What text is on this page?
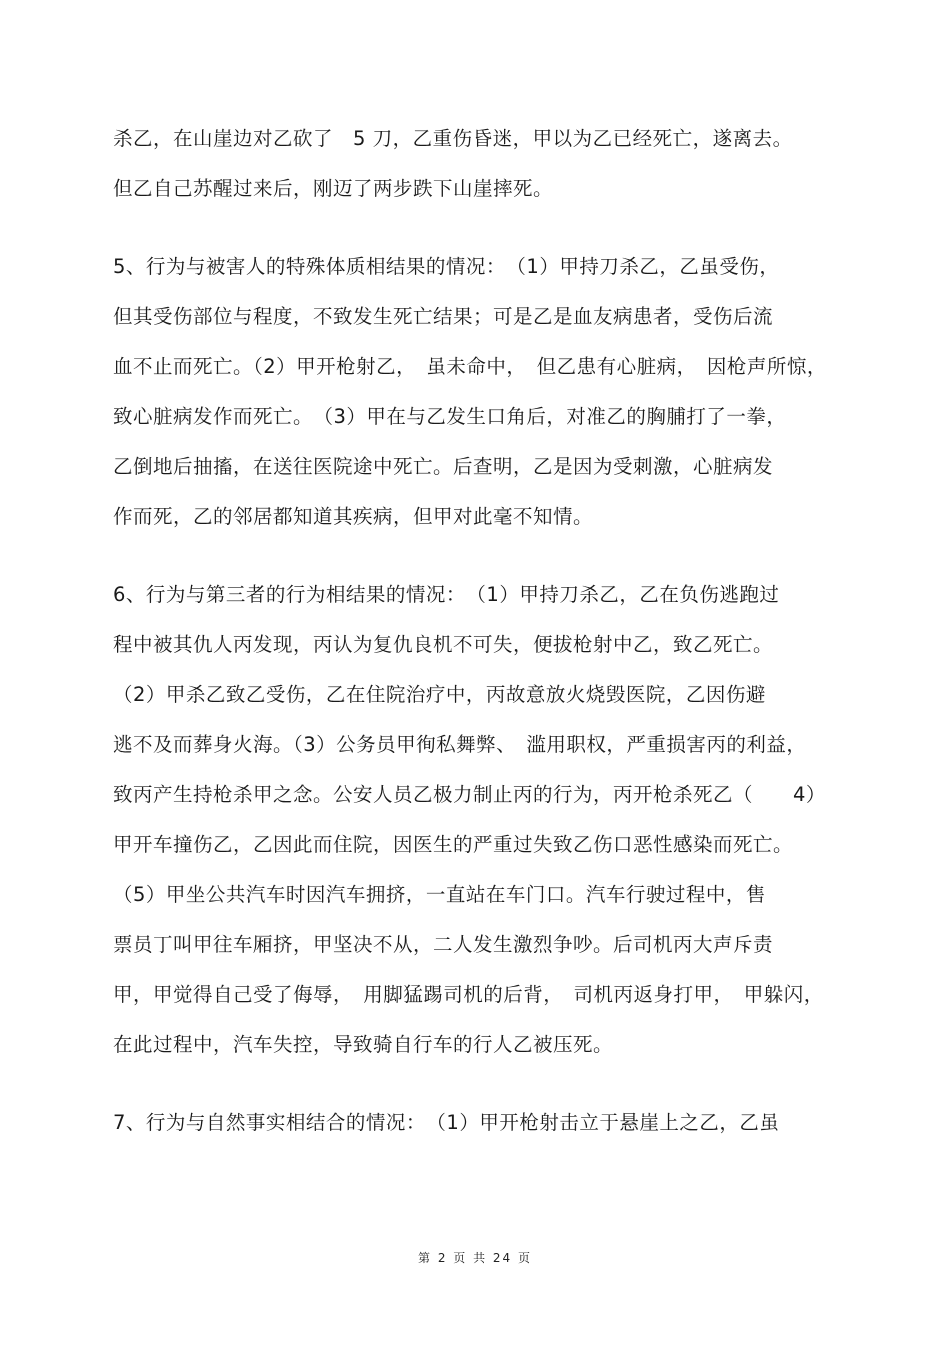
杀乙，在山崖边对乙砍了　5 刀，乙重伤昏迷，甲以为乙已经死亡，遂离去。

但乙自己苏醒过来后，刚迈了两步跌下山崖摔死。

5、行为与被害人的特殊体质相结果的情况：　（1）甲持刀杀乙，乙虽受伤，

但其受伤部位与程度，不致发生死亡结果；可是乙是血友病患者，受伤后流

血不止而死亡。（2）甲开枪射乙，　虽未命中，　但乙患有心脏病，　因枪声所惊，

致心脏病发作而死亡。　（3）甲在与乙发生口角后，对准乙的胸脯打了一拳，

乙倒地后抽搐，在送往医院途中死亡。后查明，乙是因为受刺激，心脏病发

作而死，乙的邻居都知道其疾病，但甲对此毫不知情。

6、行为与第三者的行为相结果的情况：　（1）甲持刀杀乙，乙在负伤逃跑过

程中被其仇人丙发现，丙认为复仇良机不可失，便拔枪射中乙，致乙死亡。

（2）甲杀乙致乙受伤，乙在住院治疗中，丙故意放火烧毁医院，乙因伤避

逃不及而葬身火海。（3）公务员甲徇私舞弊、　滥用职权，严重损害丙的利益，

致丙产生持枪杀甲之念。公安人员乙极力制止丙的行为，丙开枪杀死乙（　　4）

甲开车撞伤乙，乙因此而住院，因医生的严重过失致乙伤口恶性感染而死亡。

（5）甲坐公共汽车时因汽车拥挤，一直站在车门口。汽车行驶过程中，售

票员丁叫甲往车厢挤，甲坚决不从，二人发生激烈争吵。后司机丙大声斥责

甲，甲觉得自己受了侮辱，　用脚猛踢司机的后背，　司机丙返身打甲，　甲躲闪，

在此过程中，汽车失控，导致骑自行车的行人乙被压死。

7、行为与自然事实相结合的情况：　（1）甲开枪射击立于悬崖上之乙，乙虽

第 2 页 共 24 页
